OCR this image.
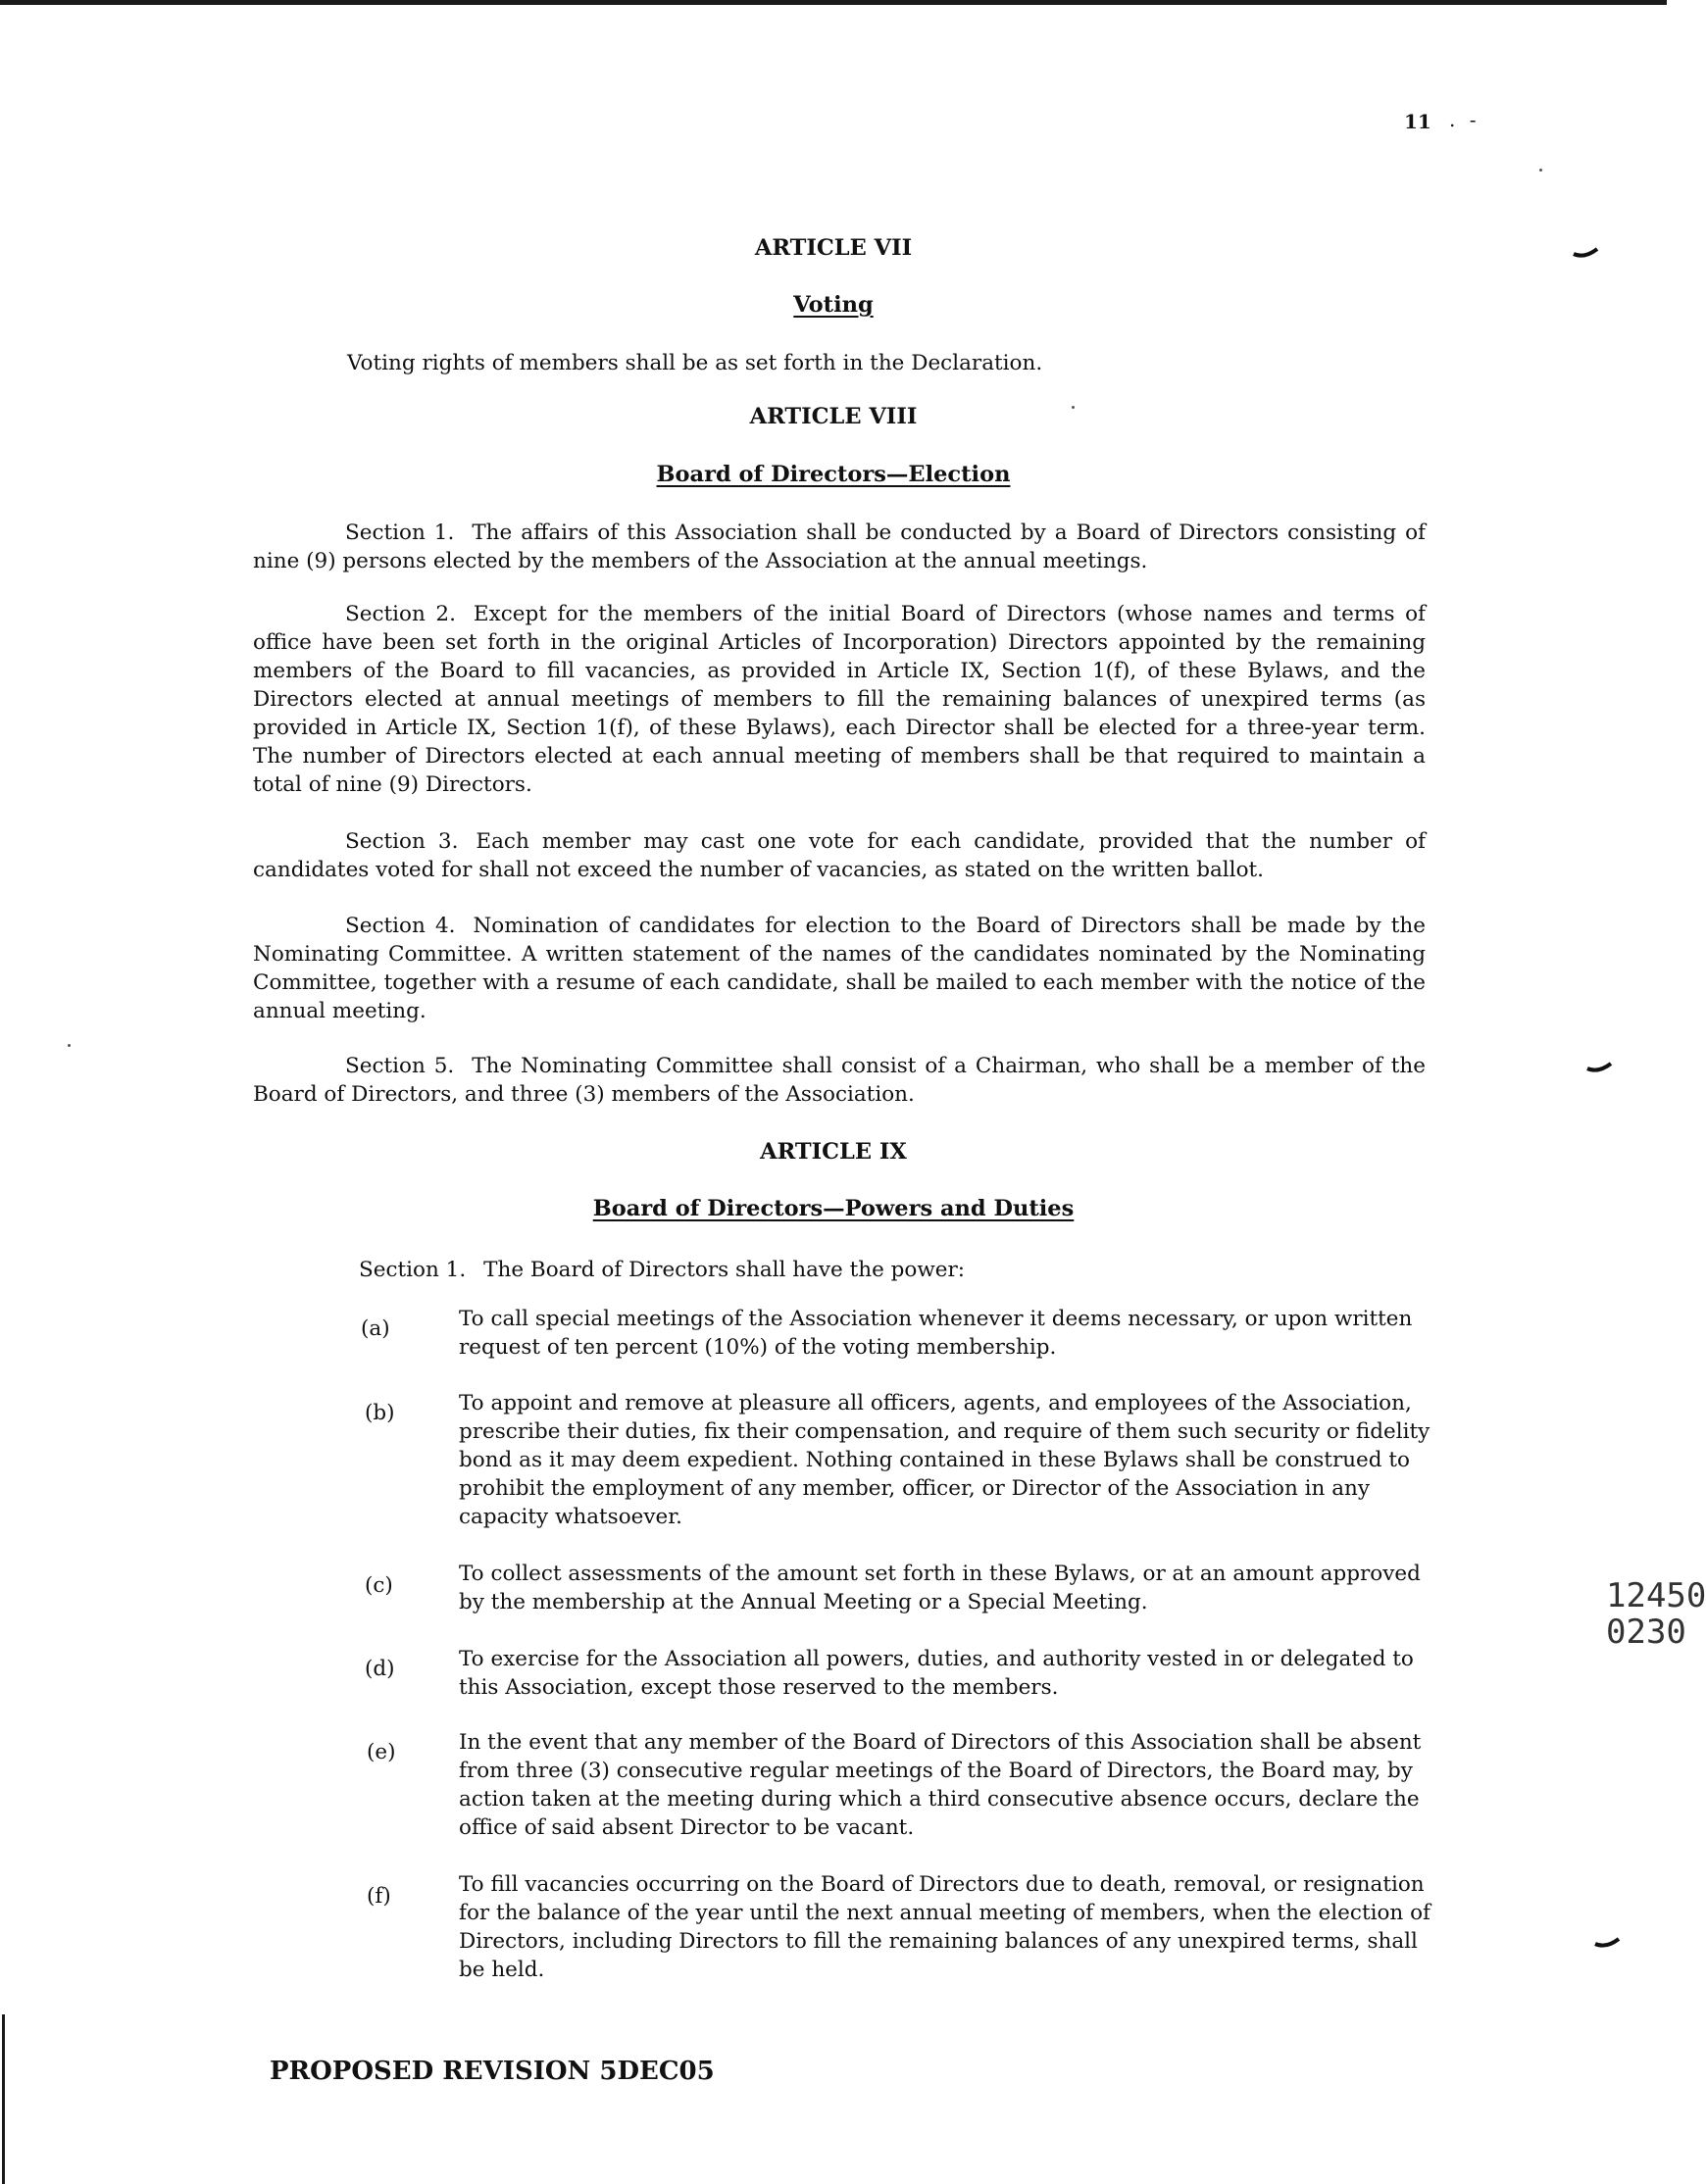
11 . -
ARTICLE VII
Voting

Voting rights of members shall be as set forth in the Declaration.

ARTICLE VIII
Board of Directors—Election

Section 1. The affairs of this Association shall be conducted by a Board of Directors consisting of nine (9) persons elected by the members of the Association at the annual meetings.

Section 2. Except for the members of the initial Board of Directors (whose names and terms of office have been set forth in the original Articles of Incorporation) Directors appointed by the remaining members of the Board to fill vacancies, as provided in Article IX, Section 1(f), of these Bylaws, and the Directors elected at annual meetings of members to fill the remaining balances of unexpired terms (as provided in Article IX, Section 1(f), of these Bylaws), each Director shall be elected for a three-year term. The number of Directors elected at each annual meeting of members shall be that required to maintain a total of nine (9) Directors.

Section 3. Each member may cast one vote for each candidate, provided that the number of candidates voted for shall not exceed the number of vacancies, as stated on the written ballot.

Section 4. Nomination of candidates for election to the Board of Directors shall be made by the Nominating Committee. A written statement of the names of the candidates nominated by the Nominating Committee, together with a resume of each candidate, shall be mailed to each member with the notice of the annual meeting.

Section 5. The Nominating Committee shall consist of a Chairman, who shall be a member of the Board of Directors, and three (3) members of the Association.

ARTICLE IX
Board of Directors—Powers and Duties

Section 1. The Board of Directors shall have the power:

(a)	To call special meetings of the Association whenever it deems necessary, or upon written request of ten percent (10%) of the voting membership.

(b)	To appoint and remove at pleasure all officers, agents, and employees of the Association, prescribe their duties, fix their compensation, and require of them such security or fidelity bond as it may deem expedient. Nothing contained in these Bylaws shall be construed to prohibit the employment of any member, officer, or Director of the Association in any capacity whatsoever.

(c)	To collect assessments of the amount set forth in these Bylaws, or at an amount approved by the membership at the Annual Meeting or a Special Meeting.

(d)	To exercise for the Association all powers, duties, and authority vested in or delegated to this Association, except those reserved to the members.

(e)	In the event that any member of the Board of Directors of this Association shall be absent from three (3) consecutive regular meetings of the Board of Directors, the Board may, by action taken at the meeting during which a third consecutive absence occurs, declare the office of said absent Director to be vacant.

(f)	To fill vacancies occurring on the Board of Directors due to death, removal, or resignation for the balance of the year until the next annual meeting of members, when the election of Directors, including Directors to fill the remaining balances of any unexpired terms, shall be held.

PROPOSED REVISION 5DEC05
12450 0230
